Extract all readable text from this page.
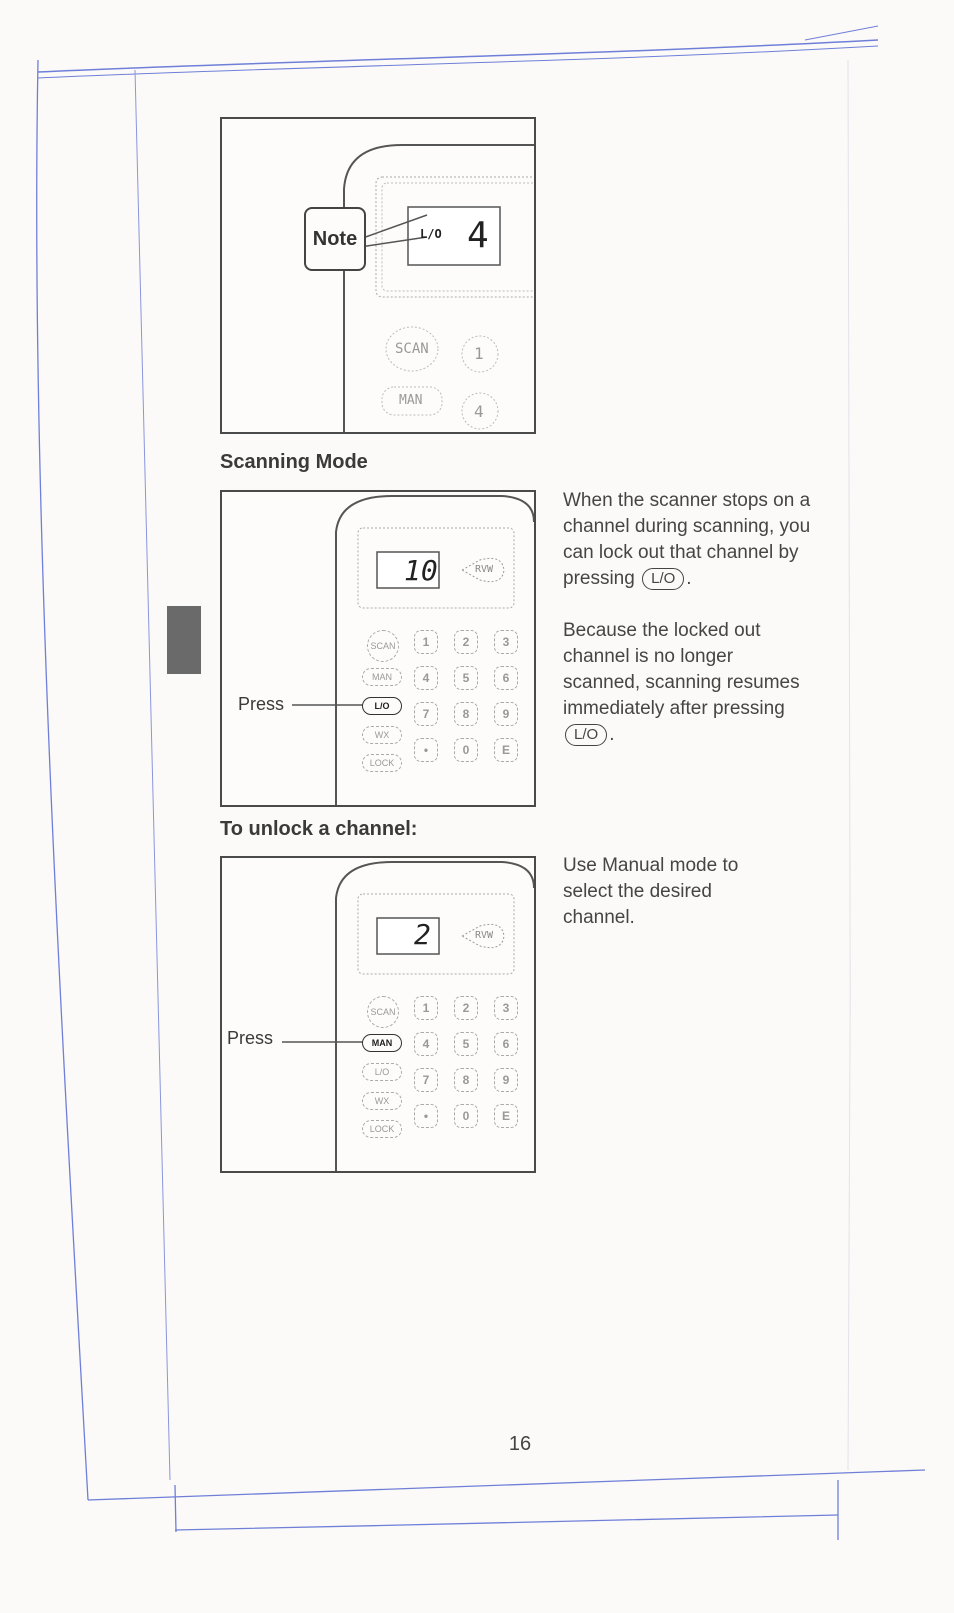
Note	L/O 4
SCAN	1
MAN
4
Scanning Mode
Press
10	RVW
SCAN
MAN
L/O
WX
LOCK
1	2	3
4	5	6
7	8	9
•	0	E

When the scanner stops on a channel during scanning, you can lock out that channel by pressing L/O .

Because the locked out channel is no longer scanned, scanning resumes immediately after pressing L/O .

To unlock a channel:
Press
2	RVW
SCAN
MAN
L/O
WX
LOCK
1	2	3
4	5	6
7	8	9
•	0	E
Use Manual mode to select the desired channel.
16
